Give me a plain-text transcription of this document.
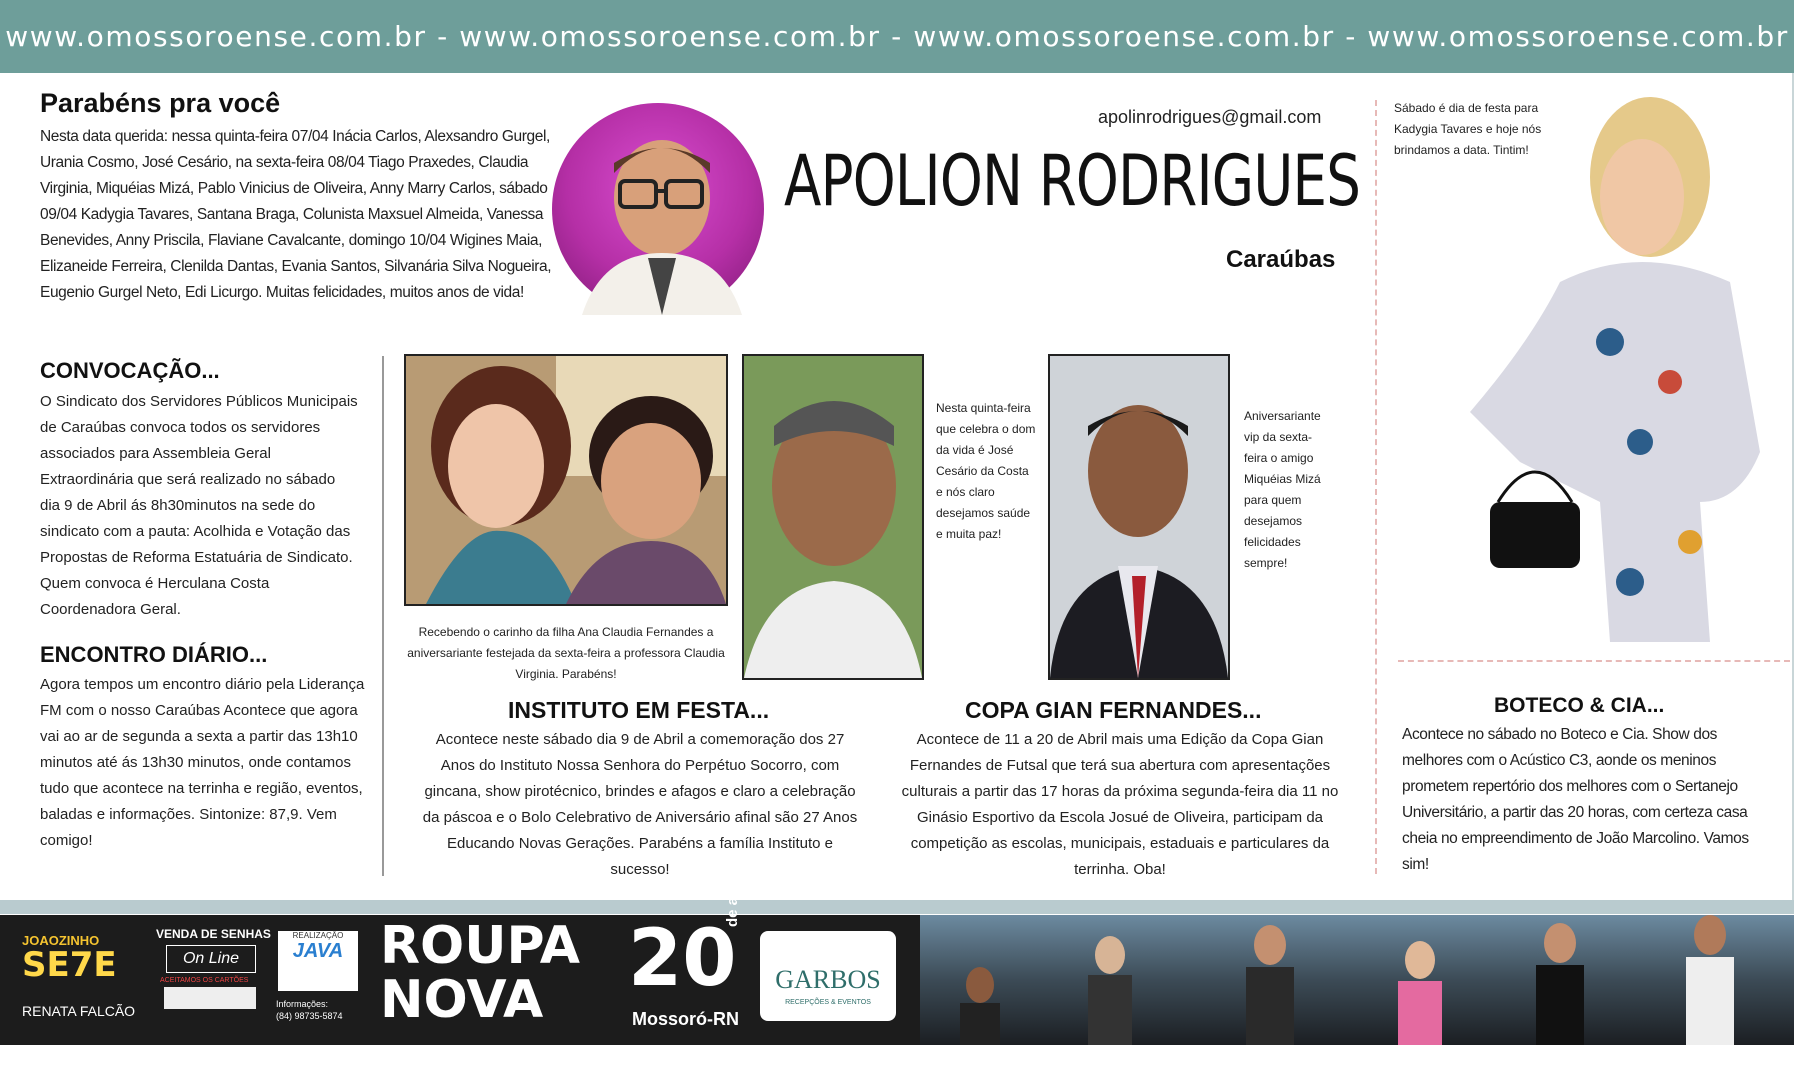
www.omossoroense.com.br - www.omossoroense.com.br - www.omossoroense.com.br - www.omossoroense.com.br
Parabéns pra você
Nesta data querida: nessa quinta-feira 07/04 Inácia Carlos, Alexsandro Gurgel, Urania Cosmo, José Cesário, na sexta-feira 08/04 Tiago Praxedes, Claudia Virginia, Miquéias Mizá, Pablo Vinicius de Oliveira, Anny Marry Carlos, sábado 09/04 Kadygia Tavares, Santana Braga, Colunista Maxsuel Almeida, Vanessa Benevides, Anny Priscila, Flaviane Cavalcante, domingo 10/04 Wigines Maia, Elizaneide Ferreira, Clenilda Dantas, Evania Santos, Silvanária Silva Nogueira, Eugenio Gurgel Neto, Edi Licurgo. Muitas felicidades, muitos anos de vida!
apolinrodrigues@gmail.com
APOLION RODRIGUES
Caraúbas
CONVOCAÇÃO...
O Sindicato dos Servidores Públicos Municipais de Caraúbas convoca todos os servidores associados para Assembleia Geral Extraordinária que será realizado no sábado dia 9 de Abril ás 8h30minutos na sede do sindicato com a pauta: Acolhida e Votação das Propostas de Reforma Estatuária de Sindicato. Quem convoca é Herculana Costa Coordenadora Geral.
ENCONTRO DIÁRIO...
Agora tempos um encontro diário pela Liderança FM com o nosso Caraúbas Acontece que agora vai ao ar de segunda a sexta a partir das 13h10 minutos até ás 13h30 minutos, onde contamos tudo que acontece na terrinha e região, eventos, baladas e informações. Sintonize: 87,9. Vem comigo!
Recebendo o carinho da filha Ana Claudia Fernandes a aniversariante festejada da sexta-feira a professora Claudia Virginia. Parabéns!
Nesta quinta-feira que celebra o dom da vida é José Cesário da Costa e nós claro desejamos saúde e muita paz!
Aniversariante vip da sexta-feira o amigo Miquéias Mizá para quem desejamos felicidades sempre!
Sábado é dia de festa para Kadygia Tavares e hoje nós brindamos a data. Tintim!
INSTITUTO EM FESTA...
Acontece neste sábado dia 9 de Abril a comemoração dos 27 Anos do Instituto Nossa Senhora do Perpétuo Socorro, com gincana, show pirotécnico, brindes e afagos e claro a celebração da páscoa e o Bolo Celebrativo de Aniversário afinal são 27 Anos Educando Novas Gerações. Parabéns a família Instituto e sucesso!
COPA GIAN FERNANDES...
Acontece de 11 a 20 de Abril mais uma Edição da Copa Gian Fernandes de Futsal que terá sua abertura com apresentações culturais a partir das 17 horas da próxima segunda-feira dia 11 no Ginásio Esportivo da Escola Josué de Oliveira, participam da competição as escolas, municipais, estaduais e particulares da terrinha. Oba!
BOTECO & CIA...
Acontece no sábado no Boteco e Cia. Show dos melhores com o Acústico C3, aonde os meninos prometem repertório dos melhores com o Sertanejo Universitário, a partir das 20 horas, com certeza casa cheia no empreendimento de João Marcolino. Vamos sim!
JOAOZINHO
SE7E
RENATA FALCÃO
VENDA DE SENHAS
On Line
ACEITAMOS OS CARTÕES
REALIZAÇÃO
JAVA
Informações:
(84) 98735-5874
ROUPA
NOVA 20
de abril
Mossoró-RN
GARBOS
RECEPÇÕES & EVENTOS
